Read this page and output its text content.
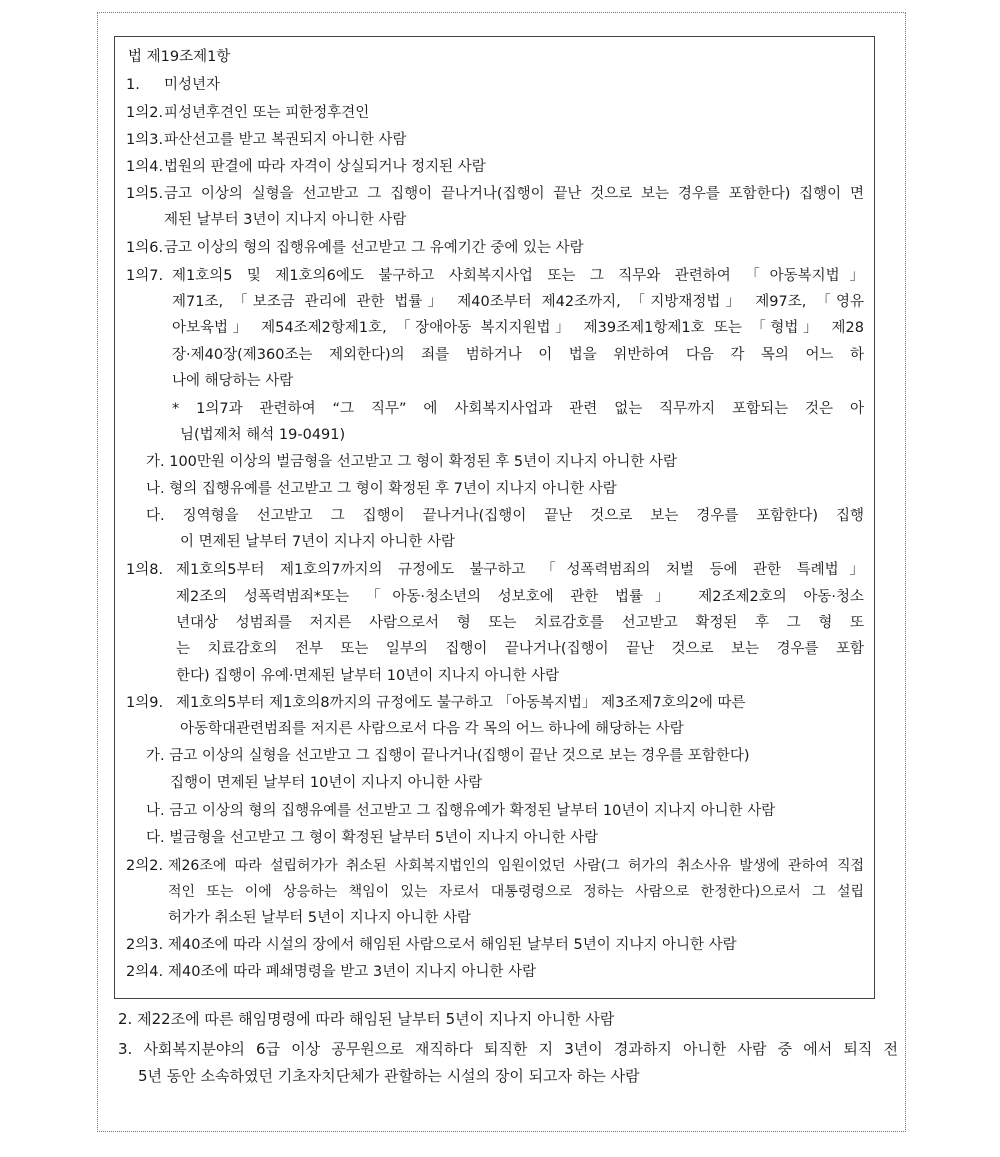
법 제19조제1항
1. 미성년자
1의2. 피성년후견인 또는 피한정후견인
1의3. 파산선고를 받고 복권되지 아니한 사람
1의4. 법원의 판결에 따라 자격이 상실되거나 정지된 사람
1의5. 금고 이상의 실형을 선고받고 그 집행이 끝나거나(집행이 끝난 것으로 보는 경우를 포함한다) 집행이 면
제된 날부터 3년이 지나지 아니한 사람
1의6. 금고 이상의 형의 집행유예를 선고받고 그 유예기간 중에 있는 사람
1의7. 제1호의5 및 제1호의6에도 불구하고 사회복지사업 또는 그 직무와 관련하여 「아동복지법」
제71조, 「보조금 관리에 관한 법률」 제40조부터 제42조까지, 「지방재정법」 제97조, 「영유
아보육법」 제54조제2항제1호, 「장애아동 복지지원법」 제39조제1항제1호 또는 「형법」 제28
장·제40장(제360조는 제외한다)의 죄를 범하거나 이 법을 위반하여 다음 각 목의 어느 하
나에 해당하는 사람
* 1의7과 관련하여 “그 직무” 에 사회복지사업과 관련 없는 직무까지 포함되는 것은 아
님(법제처 해석 19-0491)
가. 100만원 이상의 벌금형을 선고받고 그 형이 확정된 후 5년이 지나지 아니한 사람
나. 형의 집행유예를 선고받고 그 형이 확정된 후 7년이 지나지 아니한 사람
다. 징역형을 선고받고 그 집행이 끝나거나(집행이 끝난 것으로 보는 경우를 포함한다) 집행
이 면제된 날부터 7년이 지나지 아니한 사람
1의8. 제1호의5부터 제1호의7까지의 규정에도 불구하고 「성폭력범죄의 처벌 등에 관한 특례법」
제2조의 성폭력범죄*또는 「아동·청소년의 성보호에 관한 법률」 제2조제2호의 아동·청소
년대상 성범죄를 저지른 사람으로서 형 또는 치료감호를 선고받고 확정된 후 그 형 또
는 치료감호의 전부 또는 일부의 집행이 끝나거나(집행이 끝난 것으로 보는 경우를 포함
한다) 집행이 유예·면제된 날부터 10년이 지나지 아니한 사람
1의9. 제1호의5부터 제1호의8까지의 규정에도 불구하고 「아동복지법」 제3조제7호의2에 따른
아동학대관련범죄를 저지른 사람으로서 다음 각 목의 어느 하나에 해당하는 사람
가. 금고 이상의 실형을 선고받고 그 집행이 끝나거나(집행이 끝난 것으로 보는 경우를 포함한다)
집행이 면제된 날부터 10년이 지나지 아니한 사람
나. 금고 이상의 형의 집행유예를 선고받고 그 집행유예가 확정된 날부터 10년이 지나지 아니한 사람
다. 벌금형을 선고받고 그 형이 확정된 날부터 5년이 지나지 아니한 사람
2의2. 제26조에 따라 설립허가가 취소된 사회복지법인의 임원이었던 사람(그 허가의 취소사유 발생에 관하여 직접
적인 또는 이에 상응하는 책임이 있는 자로서 대통령령으로 정하는 사람으로 한정한다)으로서 그 설립
허가가 취소된 날부터 5년이 지나지 아니한 사람
2의3. 제40조에 따라 시설의 장에서 해임된 사람으로서 해임된 날부터 5년이 지나지 아니한 사람
2의4. 제40조에 따라 폐쇄명령을 받고 3년이 지나지 아니한 사람
2. 제22조에 따른 해임명령에 따라 해임된 날부터 5년이 지나지 아니한 사람
3. 사회복지분야의 6급 이상 공무원으로 재직하다 퇴직한 지 3년이 경과하지 아니한 사람 중 에서 퇴직 전
5년 동안 소속하였던 기초자치단체가 관할하는 시설의 장이 되고자 하는 사람
